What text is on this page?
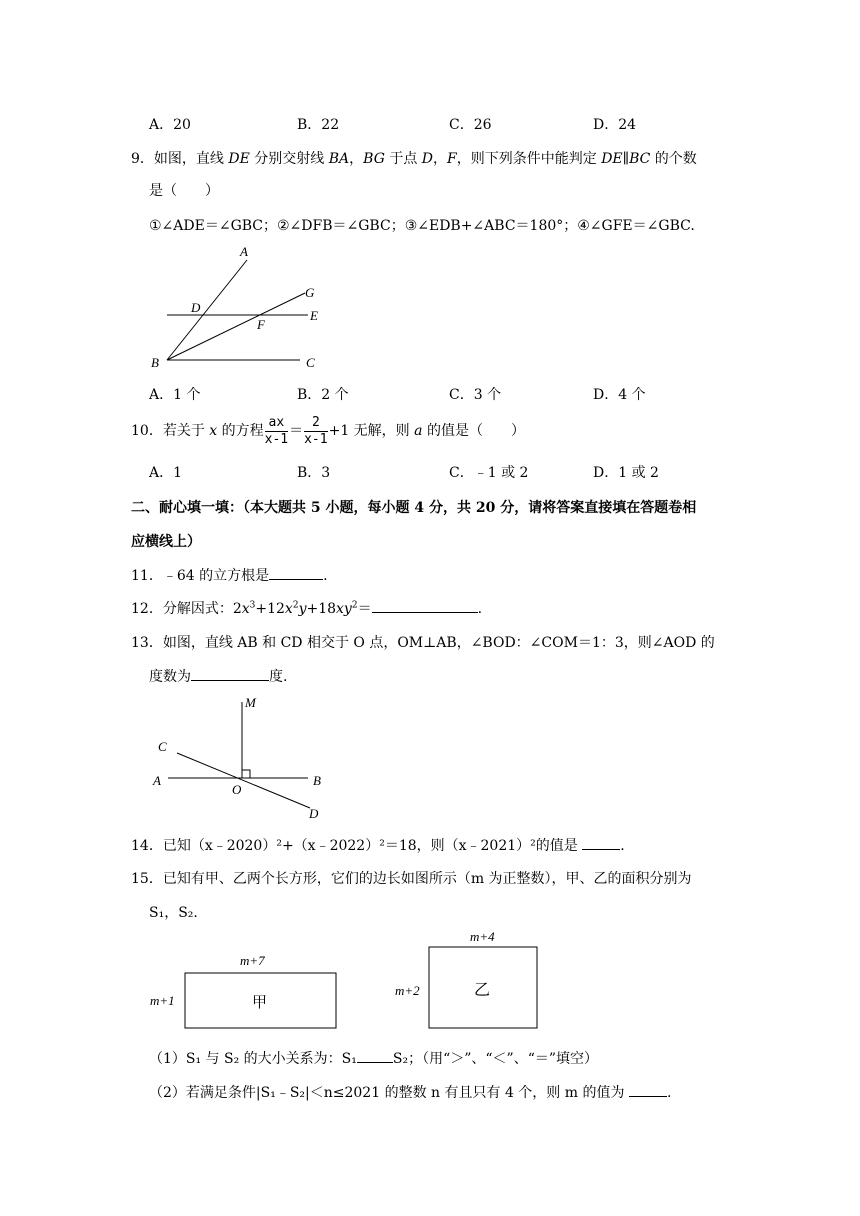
A．20	B．22	C．26	D．24
9．如图，直线 DE 分别交射线 BA，BG 于点 D，F，则下列条件中能判定 DE∥BC 的个数
是（　　）
①∠ADE＝∠GBC；②∠DFB＝∠GBC；③∠EDB+∠ABC＝180°；④∠GFE＝∠GBC.
A
D
G
F
E
B	C
A．1 个	B．2 个	C．3 个	D．4 个
10．若关于 x 的方程 $\frac{ax}{x-1} = \frac{2}{x-1} +1$ 无解，则 a 的值是（　　）
A．1	B．3	C．﹣1 或 2	D．1 或 2
二、耐心填一填：（本大题共 5 小题，每小题 4 分，共 20 分，请将答案直接填在答题卷相
应横线上）
11．﹣64 的立方根是	.
12．分解因式：$2x^3+12x^2y+18xy^2=$	.
13．如图，直线 AB 和 CD 相交于 O 点，OM⊥AB，∠BOD：∠COM＝1：3，则∠AOD 的
度数为	度.
M
C
A
O
B
D
14．已知（x﹣2020）²+（x﹣2022）²＝18，则（x﹣2021）²的值是	.
15．已知有甲、乙两个长方形，它们的边长如图所示（m 为正整数），甲、乙的面积分别为
S₁，S₂.
m+7
m+1	甲
m+4
m+2	乙
（1）S₁ 与 S₂ 的大小关系为：S₁	S₂；（用“＞”、“＜”、“＝”填空）
（2）若满足条件|S₁﹣S₂|＜n≤2021 的整数 n 有且只有 4 个，则 m 的值为	.
